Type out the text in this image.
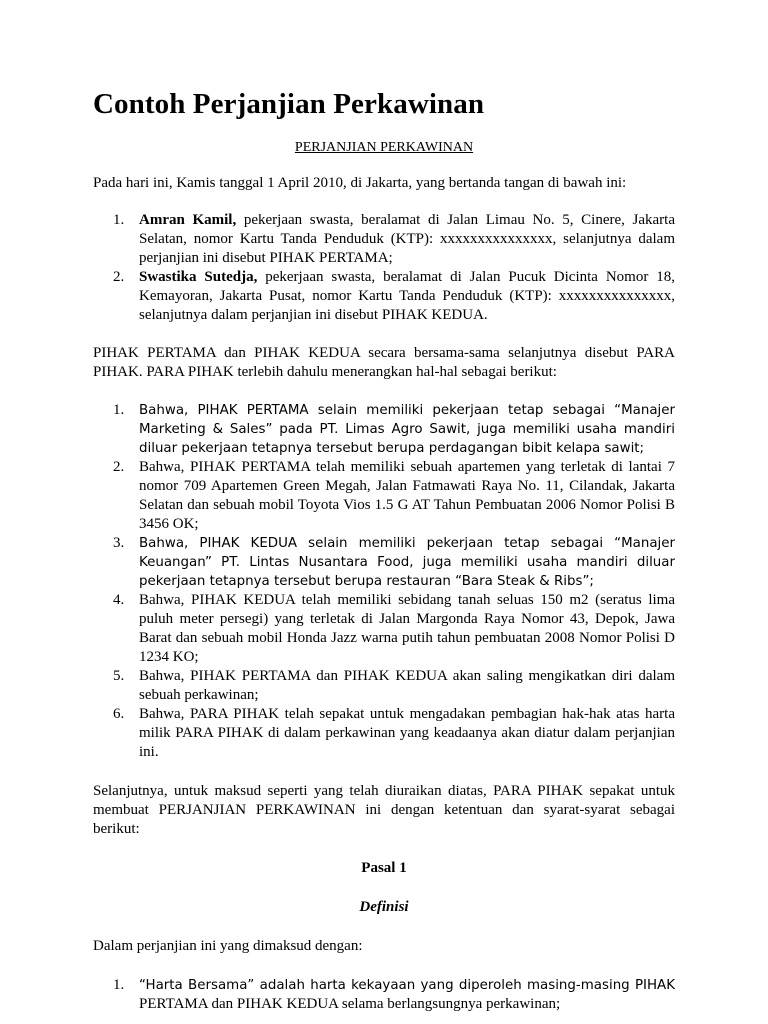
Contoh Perjanjian Perkawinan

PERJANJIAN PERKAWINAN

Pada hari ini, Kamis tanggal 1 April 2010, di Jakarta, yang bertanda tangan di bawah ini:

1. Amran Kamil, pekerjaan swasta, beralamat di Jalan Limau No. 5, Cinere, Jakarta Selatan, nomor Kartu Tanda Penduduk (KTP): xxxxxxxxxxxxxxx, selanjutnya dalam perjanjian ini disebut PIHAK PERTAMA;
2. Swastika Sutedja, pekerjaan swasta, beralamat di Jalan Pucuk Dicinta Nomor 18, Kemayoran, Jakarta Pusat, nomor Kartu Tanda Penduduk (KTP): xxxxxxxxxxxxxxx, selanjutnya dalam perjanjian ini disebut PIHAK KEDUA.

PIHAK PERTAMA dan PIHAK KEDUA secara bersama-sama selanjutnya disebut PARA PIHAK. PARA PIHAK terlebih dahulu menerangkan hal-hal sebagai berikut:

1. Bahwa, PIHAK PERTAMA selain memiliki pekerjaan tetap sebagai “Manajer Marketing & Sales” pada PT. Limas Agro Sawit, juga memiliki usaha mandiri diluar pekerjaan tetapnya tersebut berupa perdagangan bibit kelapa sawit;
2. Bahwa, PIHAK PERTAMA telah memiliki sebuah apartemen yang terletak di lantai 7 nomor 709 Apartemen Green Megah, Jalan Fatmawati Raya No. 11, Cilandak, Jakarta Selatan dan sebuah mobil Toyota Vios 1.5 G AT Tahun Pembuatan 2006 Nomor Polisi B 3456 OK;
3. Bahwa, PIHAK KEDUA selain memiliki pekerjaan tetap sebagai “Manajer Keuangan” PT. Lintas Nusantara Food, juga memiliki usaha mandiri diluar pekerjaan tetapnya tersebut berupa restauran “Bara Steak & Ribs”;
4. Bahwa, PIHAK KEDUA telah memiliki sebidang tanah seluas 150 m2 (seratus lima puluh meter persegi) yang terletak di Jalan Margonda Raya Nomor 43, Depok, Jawa Barat dan sebuah mobil Honda Jazz warna putih tahun pembuatan 2008 Nomor Polisi D 1234 KO;
5. Bahwa, PIHAK PERTAMA dan PIHAK KEDUA akan saling mengikatkan diri dalam sebuah perkawinan;
6. Bahwa, PARA PIHAK telah sepakat untuk mengadakan pembagian hak-hak atas harta milik PARA PIHAK di dalam perkawinan yang keadaanya akan diatur dalam perjanjian ini.

Selanjutnya, untuk maksud seperti yang telah diuraikan diatas, PARA PIHAK sepakat untuk membuat PERJANJIAN PERKAWINAN ini dengan ketentuan dan syarat-syarat sebagai berikut:

Pasal 1

Definisi

Dalam perjanjian ini yang dimaksud dengan:

1. “Harta Bersama” adalah harta kekayaan yang diperoleh masing-masing PIHAK PERTAMA dan PIHAK KEDUA selama berlangsungnya perkawinan;
